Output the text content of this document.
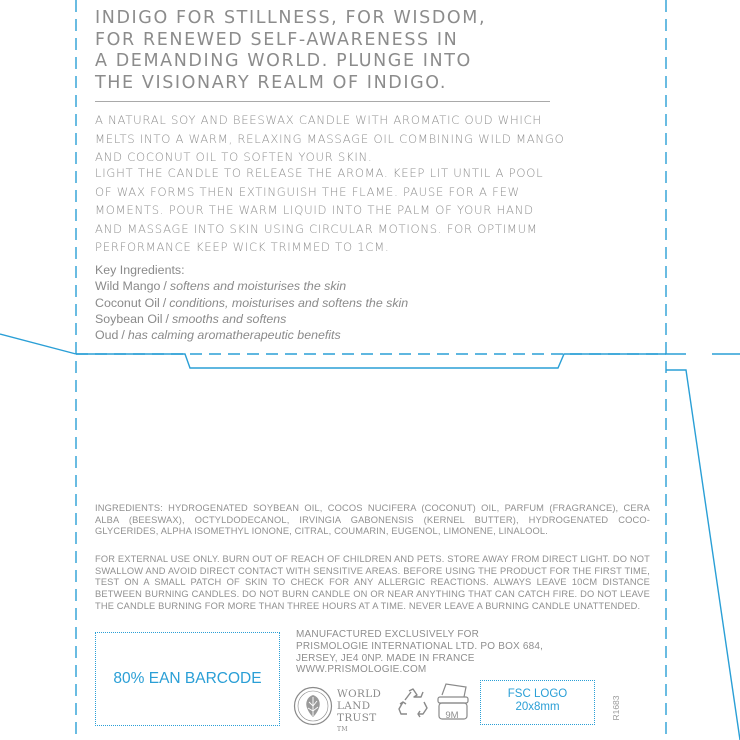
INDIGO FOR STILLNESS, FOR WISDOM,
FOR RENEWED SELF-AWARENESS IN
A DEMANDING WORLD. PLUNGE INTO
THE VISIONARY REALM OF INDIGO.

A NATURAL SOY AND BEESWAX CANDLE WITH AROMATIC OUD WHICH MELTS INTO A WARM, RELAXING MASSAGE OIL COMBINING WILD MANGO AND COCONUT OIL TO SOFTEN YOUR SKIN.

LIGHT THE CANDLE TO RELEASE THE AROMA. KEEP LIT UNTIL A POOL OF WAX FORMS THEN EXTINGUISH THE FLAME. PAUSE FOR A FEW MOMENTS. POUR THE WARM LIQUID INTO THE PALM OF YOUR HAND AND MASSAGE INTO SKIN USING CIRCULAR MOTIONS. FOR OPTIMUM PERFORMANCE KEEP WICK TRIMMED TO 1CM.

Key Ingredients:
Wild Mango / softens and moisturises the skin
Coconut Oil / conditions, moisturises and softens the skin
Soybean Oil / smooths and softens
Oud / has calming aromatherapeutic benefits

INGREDIENTS: HYDROGENATED SOYBEAN OIL, COCOS NUCIFERA (COCONUT) OIL, PARFUM (FRAGRANCE), CERA ALBA (BEESWAX), OCTYLDODECANOL, IRVINGIA GABONENSIS (KERNEL BUTTER), HYDROGENATED COCO-GLYCERIDES, ALPHA ISOMETHYL IONONE, CITRAL, COUMARIN, EUGENOL, LIMONENE, LINALOOL.

FOR EXTERNAL USE ONLY. BURN OUT OF REACH OF CHILDREN AND PETS. STORE AWAY FROM DIRECT LIGHT. DO NOT SWALLOW AND AVOID DIRECT CONTACT WITH SENSITIVE AREAS. BEFORE USING THE PRODUCT FOR THE FIRST TIME, TEST ON A SMALL PATCH OF SKIN TO CHECK FOR ANY ALLERGIC REACTIONS. ALWAYS LEAVE 10CM DISTANCE BETWEEN BURNING CANDLES. DO NOT BURN CANDLE ON OR NEAR ANYTHING THAT CAN CATCH FIRE. DO NOT LEAVE THE CANDLE BURNING FOR MORE THAN THREE HOURS AT A TIME. NEVER LEAVE A BURNING CANDLE UNATTENDED.

80% EAN BARCODE
MANUFACTURED EXCLUSIVELY FOR
PRISMOLOGIE INTERNATIONAL LTD. PO BOX 684,
JERSEY, JE4 0NP. MADE IN FRANCE
WWW.PRISMOLOGIE.COM
WORLD
LAND
TRUST
TM
9M
FSC LOGO
20x8mm	R1683
